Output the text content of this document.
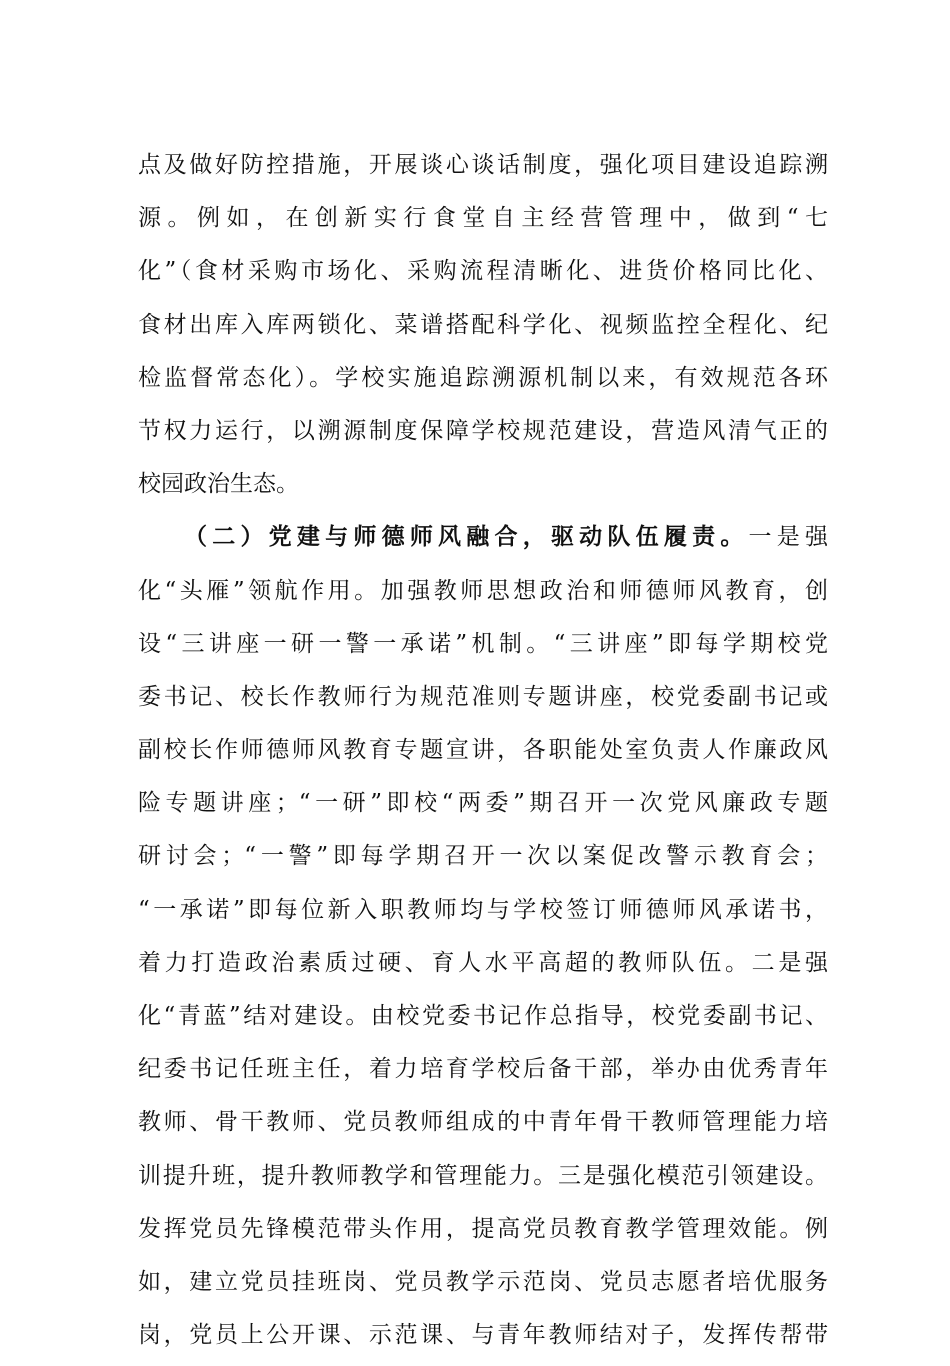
点及做好防控措施，开展谈心谈话制度，强化项目建设追踪溯
源。例如，在创新实行食堂自主经营管理中，做到“七
化”（食材采购市场化、采购流程清晰化、进货价格同比化、
食材出库入库两锁化、菜谱搭配科学化、视频监控全程化、纪
检监督常态化）。学校实施追踪溯源机制以来，有效规范各环
节权力运行，以溯源制度保障学校规范建设，营造风清气正的
校园政治生态。
（二）党建与师德师风融合，驱动队伍履责。一是强
化“头雁”领航作用。加强教师思想政治和师德师风教育，创
设“三讲座一研一警一承诺”机制。“三讲座”即每学期校党
委书记、校长作教师行为规范准则专题讲座，校党委副书记或
副校长作师德师风教育专题宣讲，各职能处室负责人作廉政风
险专题讲座；“一研”即校“两委”期召开一次党风廉政专题
研讨会；“一警”即每学期召开一次以案促改警示教育会；
“一承诺”即每位新入职教师均与学校签订师德师风承诺书，
着力打造政治素质过硬、育人水平高超的教师队伍。二是强
化“青蓝”结对建设。由校党委书记作总指导，校党委副书记、
纪委书记任班主任，着力培育学校后备干部，举办由优秀青年
教师、骨干教师、党员教师组成的中青年骨干教师管理能力培
训提升班，提升教师教学和管理能力。三是强化模范引领建设。
发挥党员先锋模范带头作用，提高党员教育教学管理效能。例
如，建立党员挂班岗、党员教学示范岗、党员志愿者培优服务
岗，党员上公开课、示范课、与青年教师结对子，发挥传帮带
